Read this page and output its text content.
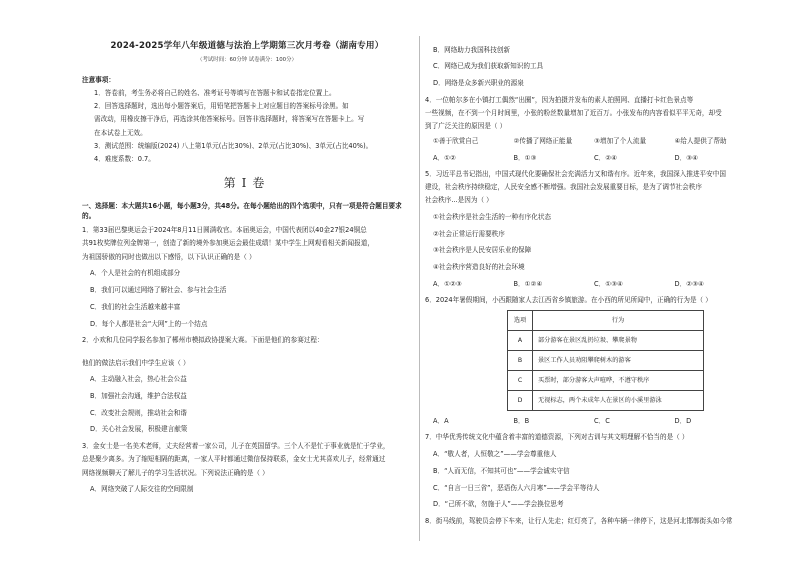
2024-2025学年八年级道德与法治上学期第三次月考卷（湖南专用）
（考试时间：60分钟 试卷满分：100分）

注意事项：

1．答卷前，考生务必将自己的姓名、准考证号等填写在答题卡和试卷指定位置上。

2．回答选择题时，选出每小题答案后，用铅笔把答题卡上对应题目的答案标号涂黑。如

需改动，用橡皮擦干净后，再选涂其他答案标号。回答非选择题时，将答案写在答题卡上。写

在本试卷上无效。

3．测试范围：统编版(2024) 八上第1单元(占比30%)、2单元(占比30%)、3单元(占比40%)。

4．难度系数：0.7。

第Ⅰ卷

一、选择题：本大题共16小题，每小题3分，共48分。在每小题给出的四个选项中，只有一项是符合题目要求的。

1．第33届巴黎奥运会于2024年8月11日圆满收官。本届奥运会，中国代表团以40金27银24铜总

共91枚奖牌位列金牌第一，创造了新的境外参加奥运会最佳成绩！某中学生上网观看相关新闻报道，

为祖国骄傲的同时也做出以下感悟，以下认识正确的是（ ）

A．个人是社会的有机组成部分

B．我们可以通过网络了解社会、参与社会生活

C．我们的社会生活越来越丰富

D．每个人都是社会“大网”上的一个结点

2．小欢和几位同学报名参加了郴州市模拟政协提案大赛。下面是他们的参赛过程：

他们的做法启示我们中学生应该（ ）

A．主动融入社会，热心社会公益

B．加强社会沟通，维护合法权益

C．改变社会规则，推动社会和谐

D．关心社会发展，积极建言献策

3．金女士是一名美术老师，丈夫经营着一家公司，儿子在英国留学。三个人不是忙于事业就是忙于学业，

总是聚少离多。为了缩短相隔的距离，一家人平时都通过微信保持联系，金女士尤其喜欢儿子，经常通过

网络视频聊天了解儿子的学习生活状况。下列说法正确的是（ ）

A．网络突破了人际交往的空间限制

B．网络助力我国科技创新

C．网络已成为我们获取新知识的工具

D．网络是众多新兴职业的源泉

4．一位帕尔多在小镇打工偶然“出圈”，因为拍摄并发布的素人拍照网、直播打卡红色景点等

一些视频，在不到一个月时间里，小张的粉丝数量增加了近百万。小张发布的内容看似平平无奇，却受

到了广泛关注的原因是（ ）

①善于欣赏自己	②传播了网络正能量	③增加了个人流量	④给人提供了帮助
A．①②	B．①③	C．②④	D．③④

5．习近平总书记指出，中国式现代化要确保社会充满活力又和谐有序。近年来，我国深入推进平安中国

建设，社会秩序持续稳定，人民安全感不断增强。我国社会发展重要目标，是为了调节社会秩序

社会秩序...是因为（ ）

①社会秩序是社会生活的一种有序化状态

②社会正常运行需要秩序

③社会秩序是人民安居乐业的保障

④社会秩序营造良好的社会环境

A．①②③	B．①②④	C．①③④	D．②③④

6．2024年暑假期间，小西跟随家人去江西省乡镇旅游。在小西的所见所闻中，正确的行为是（ ）

选项	行为
A	部分游客在景区乱扔垃圾、攀爬景物
B	景区工作人员劝阻攀爬树木的游客
C	买票时，部分游客大声喧哗，不遵守秩序
D	无视标志，两个未成年人在景区的小溪里游泳
A．A	B．B	C．C	D．D

7．中华优秀传统文化中蕴含着丰富的道德资源，下列对古训与其文明理解不恰当的是（ ）

A．“敬人者，人恒敬之”——学会尊重他人

B．“人而无信，不知其可也”——学会诚实守信

C．“自言一日三省”，恶语伤人六月寒”——学会平等待人

D．“己所不欲，勿施于人”——学会换位思考

8．街马线前，驾驶员会停下车来，让行人先走；红灯亮了，各种车辆一律停下，这是河北邯郸街头如今常
